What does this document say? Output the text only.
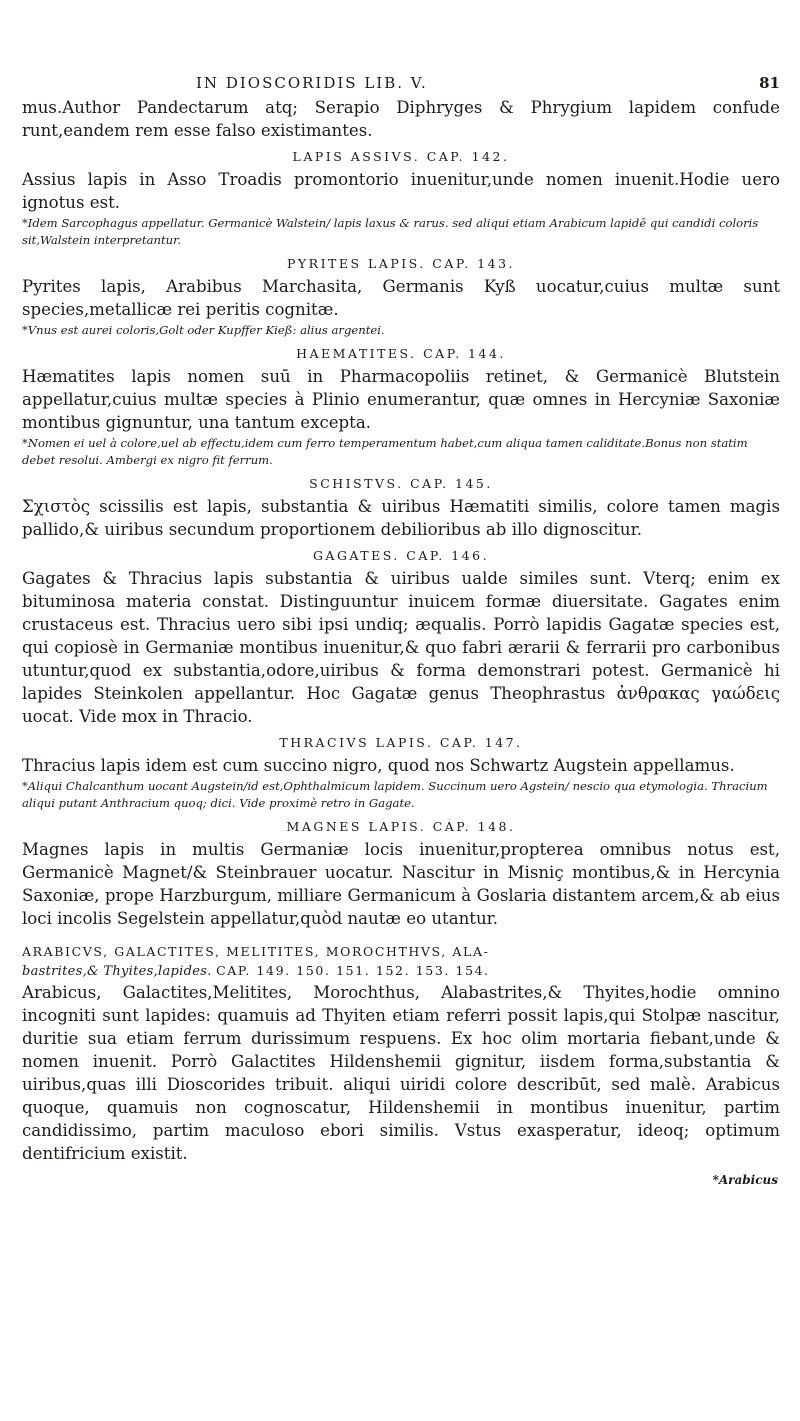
IN DIOSCORIDIS LIB. V.	81

mus.Author Pandectarum atq; Serapio Diphryges & Phrygium lapidem confude runt,eandem rem esse falso existimantes.

LAPIS ASSIVS. CAP. 142.

Assius lapis in Asso Troadis promontorio inuenitur,unde nomen inuenit.Hodie uero ignotus est.

*Idem Sarcophagus appellatur. Germanicè Walstein/ lapis laxus & rarus. sed aliqui etiam Arabicum lapidē qui candidi coloris sit,Walstein interpretantur.

PYRITES LAPIS. CAP. 143.

Pyrites lapis, Arabibus Marchasita, Germanis Kyß uocatur,cuius multæ sunt species,metallicæ rei peritis cognitæ.

*Vnus est aurei coloris,Golt oder Kupffer Kieß: alius argentei.

HAEMATITES. CAP. 144.

Hæmatites lapis nomen suū in Pharmacopoliis retinet, & Germanicè Blutstein appellatur,cuius multæ species à Plinio enumerantur, quæ omnes in Hercyniæ Saxoniæ montibus gignuntur, una tantum excepta.

*Nomen ei uel à colore,uel ab effectu,idem cum ferro temperamentum habet,cum aliqua tamen caliditate.Bonus non statim debet resolui. Ambergi ex nigro fit ferrum.

SCHISTVS. CAP. 145.

Σχιστὸς scissilis est lapis, substantia & uiribus Hæmatiti similis, colore tamen magis pallido,& uiribus secundum proportionem debilioribus ab illo dignoscitur.

GAGATES. CAP. 146.

Gagates & Thracius lapis substantia & uiribus ualde similes sunt. Vterq; enim ex bituminosa materia constat. Distinguuntur inuicem formæ diuersitate. Gagates enim crustaceus est. Thracius uero sibi ipsi undiq; æqualis. Porrò lapidis Gagatæ species est, qui copiosè in Germaniæ montibus inuenitur,& quo fabri ærarii & ferrarii pro carbonibus utuntur,quod ex substantia,odore,uiribus & forma demonstrari potest. Germanicè hi lapides Steinkolen appellantur. Hoc Gagatæ genus Theophrastus ἀνθρακας γαώδεις uocat. Vide mox in Thracio.

THRACIVS LAPIS. CAP. 147.

Thracius lapis idem est cum succino nigro, quod nos Schwartz Augstein appellamus.

*Aliqui Chalcanthum uocant Augstein/id est,Ophthalmicum lapidem. Succinum uero Agstein/ nescio qua etymologia. Thracium aliqui putant Anthracium quoq; dici. Vide proximè retro in Gagate.

MAGNES LAPIS. CAP. 148.

Magnes lapis in multis Germaniæ locis inuenitur,propterea omnibus notus est, Germanicè Magnet/& Steinbrauer uocatur. Nascitur in Misniç montibus,& in Hercynia Saxoniæ, prope Harzburgum, milliare Germanicum à Goslaria distantem arcem,& ab eius loci incolis Segelstein appellatur,quòd nautæ eo utantur.

ARABICVS, GALACTITES, MELITITES, MOROCHTHVS, ALA-
bastrites,& Thyites,lapides. CAP. 149. 150. 151. 152. 153. 154.

Arabicus, Galactites,Melitites, Morochthus, Alabastrites,& Thyites,hodie omnino incogniti sunt lapides: quamuis ad Thyiten etiam referri possit lapis,qui Stolpæ nascitur, duritie sua etiam ferrum durissimum respuens. Ex hoc olim mortaria fiebant,unde & nomen inuenit. Porrò Galactites Hildenshemii gignitur, iisdem forma,substantia & uiribus,quas illi Dioscorides tribuit. aliqui uiridi colore describūt, sed malè. Arabicus quoque, quamuis non cognoscatur, Hildenshemii in montibus inuenitur, partim candidissimo, partim maculoso ebori similis. Vstus exasperatur, ideoq; optimum dentifricium existit.

*Arabicus
